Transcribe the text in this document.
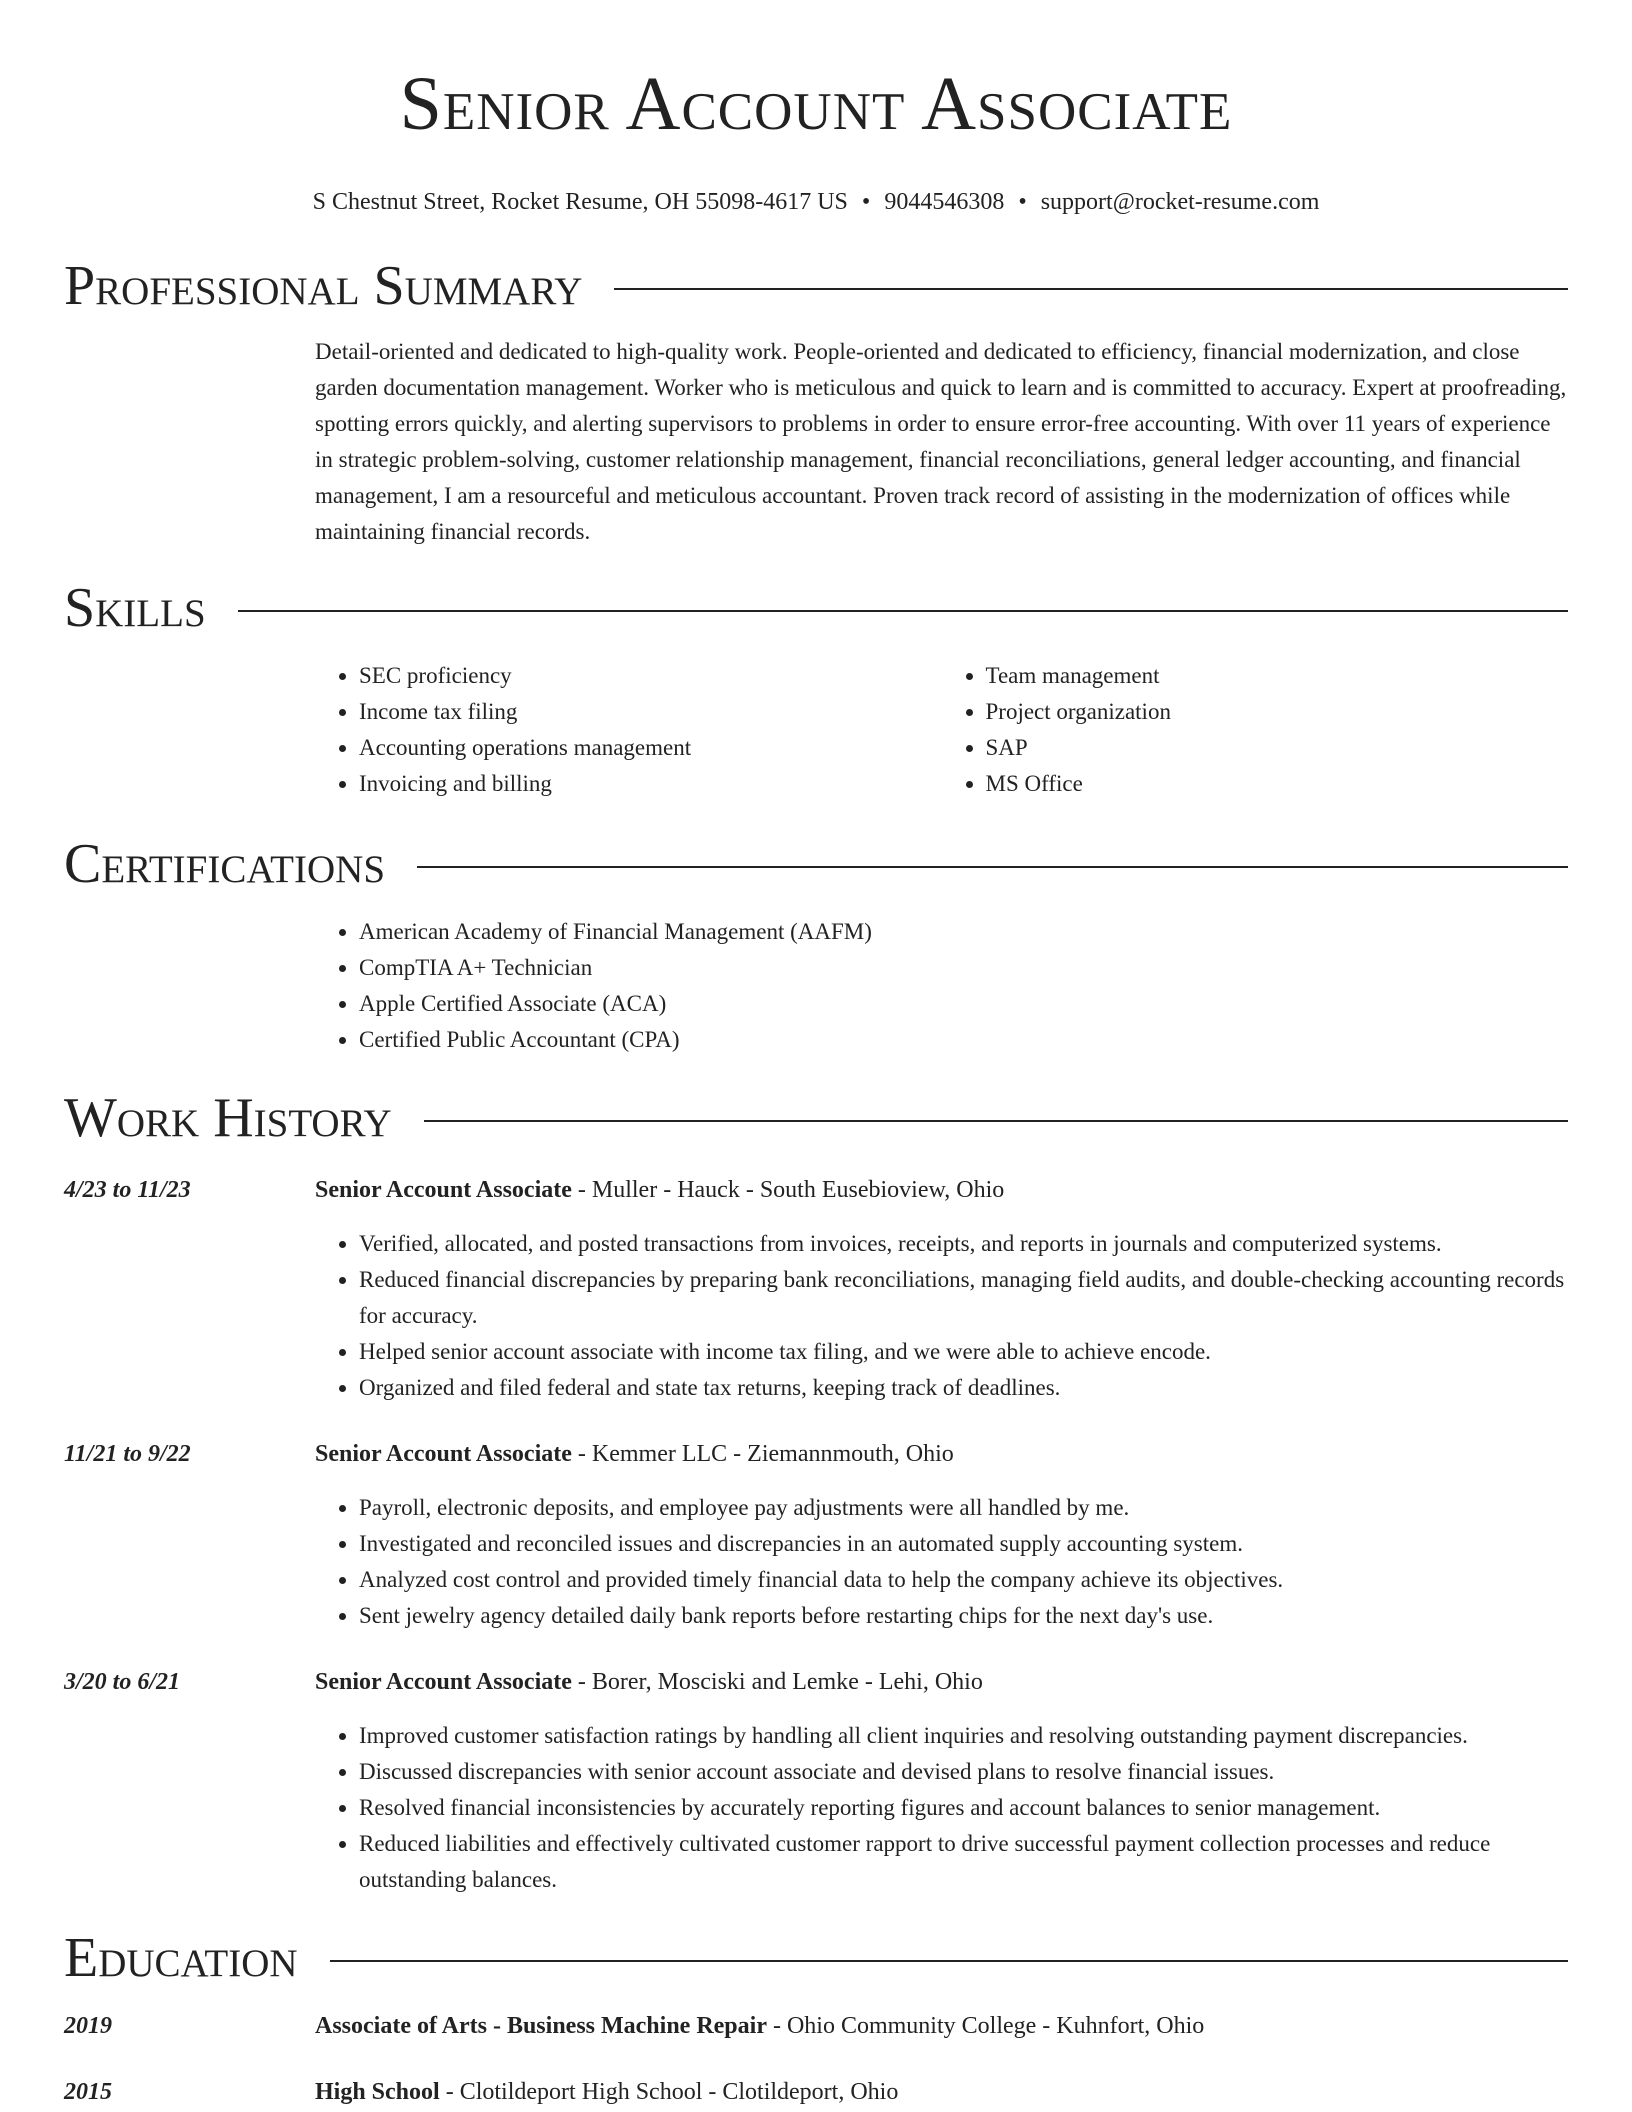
Senior Account Associate
S Chestnut Street, Rocket Resume, OH 55098-4617 US • 9044546308 • support@rocket-resume.com
Professional Summary
Detail-oriented and dedicated to high-quality work. People-oriented and dedicated to efficiency, financial modernization, and close garden documentation management. Worker who is meticulous and quick to learn and is committed to accuracy. Expert at proofreading, spotting errors quickly, and alerting supervisors to problems in order to ensure error-free accounting. With over 11 years of experience in strategic problem-solving, customer relationship management, financial reconciliations, general ledger accounting, and financial management, I am a resourceful and meticulous accountant. Proven track record of assisting in the modernization of offices while maintaining financial records.
Skills
• SEC proficiency
• Income tax filing
• Accounting operations management
• Invoicing and billing
• Team management
• Project organization
• SAP
• MS Office
Certifications
• American Academy of Financial Management (AAFM)
• CompTIA A+ Technician
• Apple Certified Associate (ACA)
• Certified Public Accountant (CPA)
Work History
4/23 to 11/23	Senior Account Associate - Muller - Hauck - South Eusebioview, Ohio
• Verified, allocated, and posted transactions from invoices, receipts, and reports in journals and computerized systems.
• Reduced financial discrepancies by preparing bank reconciliations, managing field audits, and double-checking accounting records for accuracy.
• Helped senior account associate with income tax filing, and we were able to achieve encode.
• Organized and filed federal and state tax returns, keeping track of deadlines.
11/21 to 9/22	Senior Account Associate - Kemmer LLC - Ziemannmouth, Ohio
• Payroll, electronic deposits, and employee pay adjustments were all handled by me.
• Investigated and reconciled issues and discrepancies in an automated supply accounting system.
• Analyzed cost control and provided timely financial data to help the company achieve its objectives.
• Sent jewelry agency detailed daily bank reports before restarting chips for the next day's use.
3/20 to 6/21	Senior Account Associate - Borer, Mosciski and Lemke - Lehi, Ohio
• Improved customer satisfaction ratings by handling all client inquiries and resolving outstanding payment discrepancies.
• Discussed discrepancies with senior account associate and devised plans to resolve financial issues.
• Resolved financial inconsistencies by accurately reporting figures and account balances to senior management.
• Reduced liabilities and effectively cultivated customer rapport to drive successful payment collection processes and reduce outstanding balances.
Education
2019	Associate of Arts - Business Machine Repair - Ohio Community College - Kuhnfort, Ohio
2015	High School - Clotildeport High School - Clotildeport, Ohio
